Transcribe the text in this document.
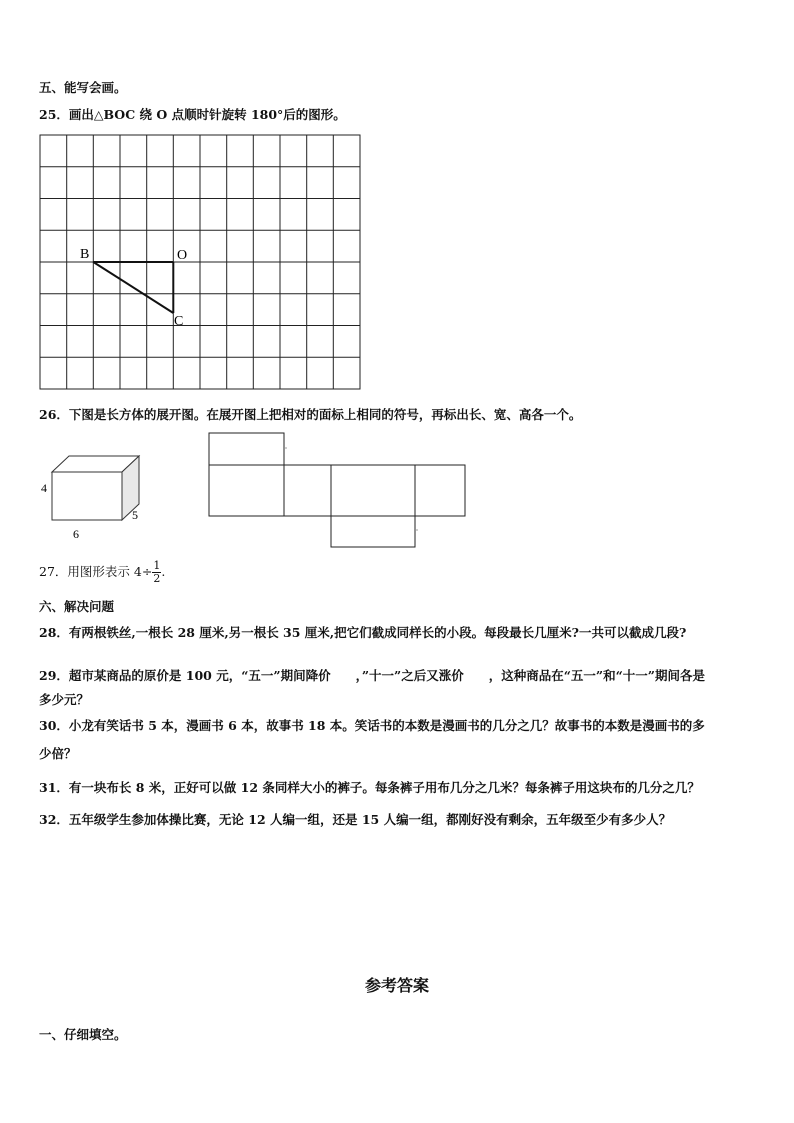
五、能写会画。
25．画出△BOC 绕 O 点顺时针旋转 180°后的图形。
B	O
C
26．下图是长方体的展开图。在展开图上把相对的面标上相同的符号，再标出长、宽、高各一个。
4
6
5
27．用图形表示 $4\div \frac{1}{2}$ .
六、解决问题
28．有两根铁丝,一根长 28 厘米,另一根长 35 厘米,把它们截成同样长的小段。每段最长几厘米?一共可以截成几段?
29．超市某商品的原价是 100 元，“五一”期间降价　　，”十一”之后又涨价　　，这种商品在“五一”和“十一”期间各是
多少元？
30．小龙有笑话书 5 本，漫画书 6 本，故事书 18 本。笑话书的本数是漫画书的几分之几？故事书的本数是漫画书的多
少倍？
31．有一块布长 8 米，正好可以做 12 条同样大小的裤子。每条裤子用布几分之几米？每条裤子用这块布的几分之几？
32．五年级学生参加体操比赛，无论 12 人编一组，还是 15 人编一组，都刚好没有剩余，五年级至少有多少人？
参考答案
一、仔细填空。
